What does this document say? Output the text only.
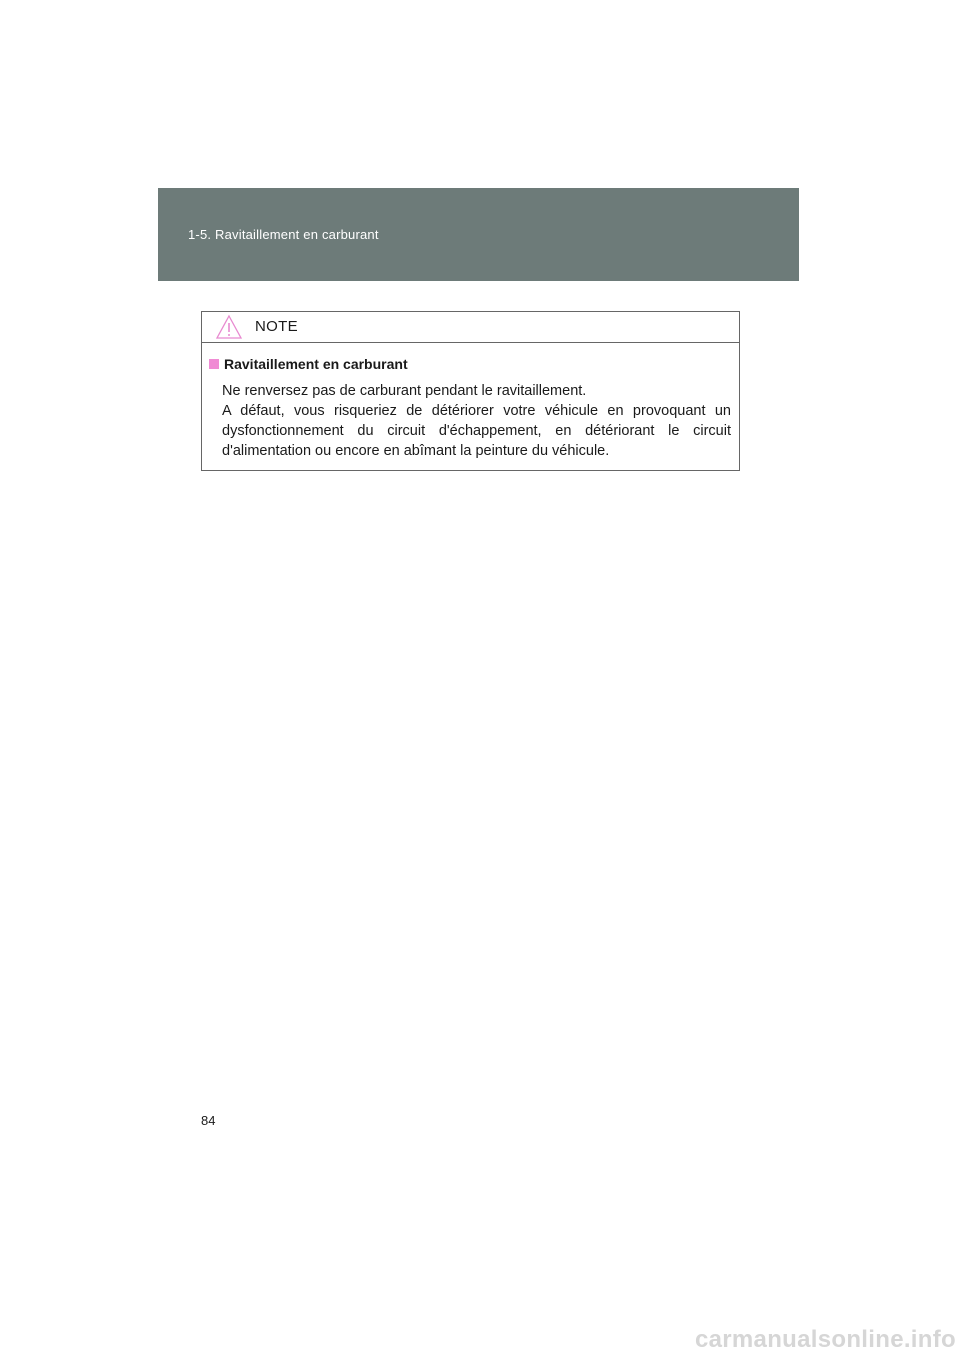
1-5. Ravitaillement en carburant
NOTE
Ravitaillement en carburant
Ne renversez pas de carburant pendant le ravitaillement.
A défaut, vous risqueriez de détériorer votre véhicule en provoquant un
dysfonctionnement du circuit d'échappement, en détériorant le circuit
d'alimentation ou encore en abîmant la peinture du véhicule.
84
carmanualsonline.info
